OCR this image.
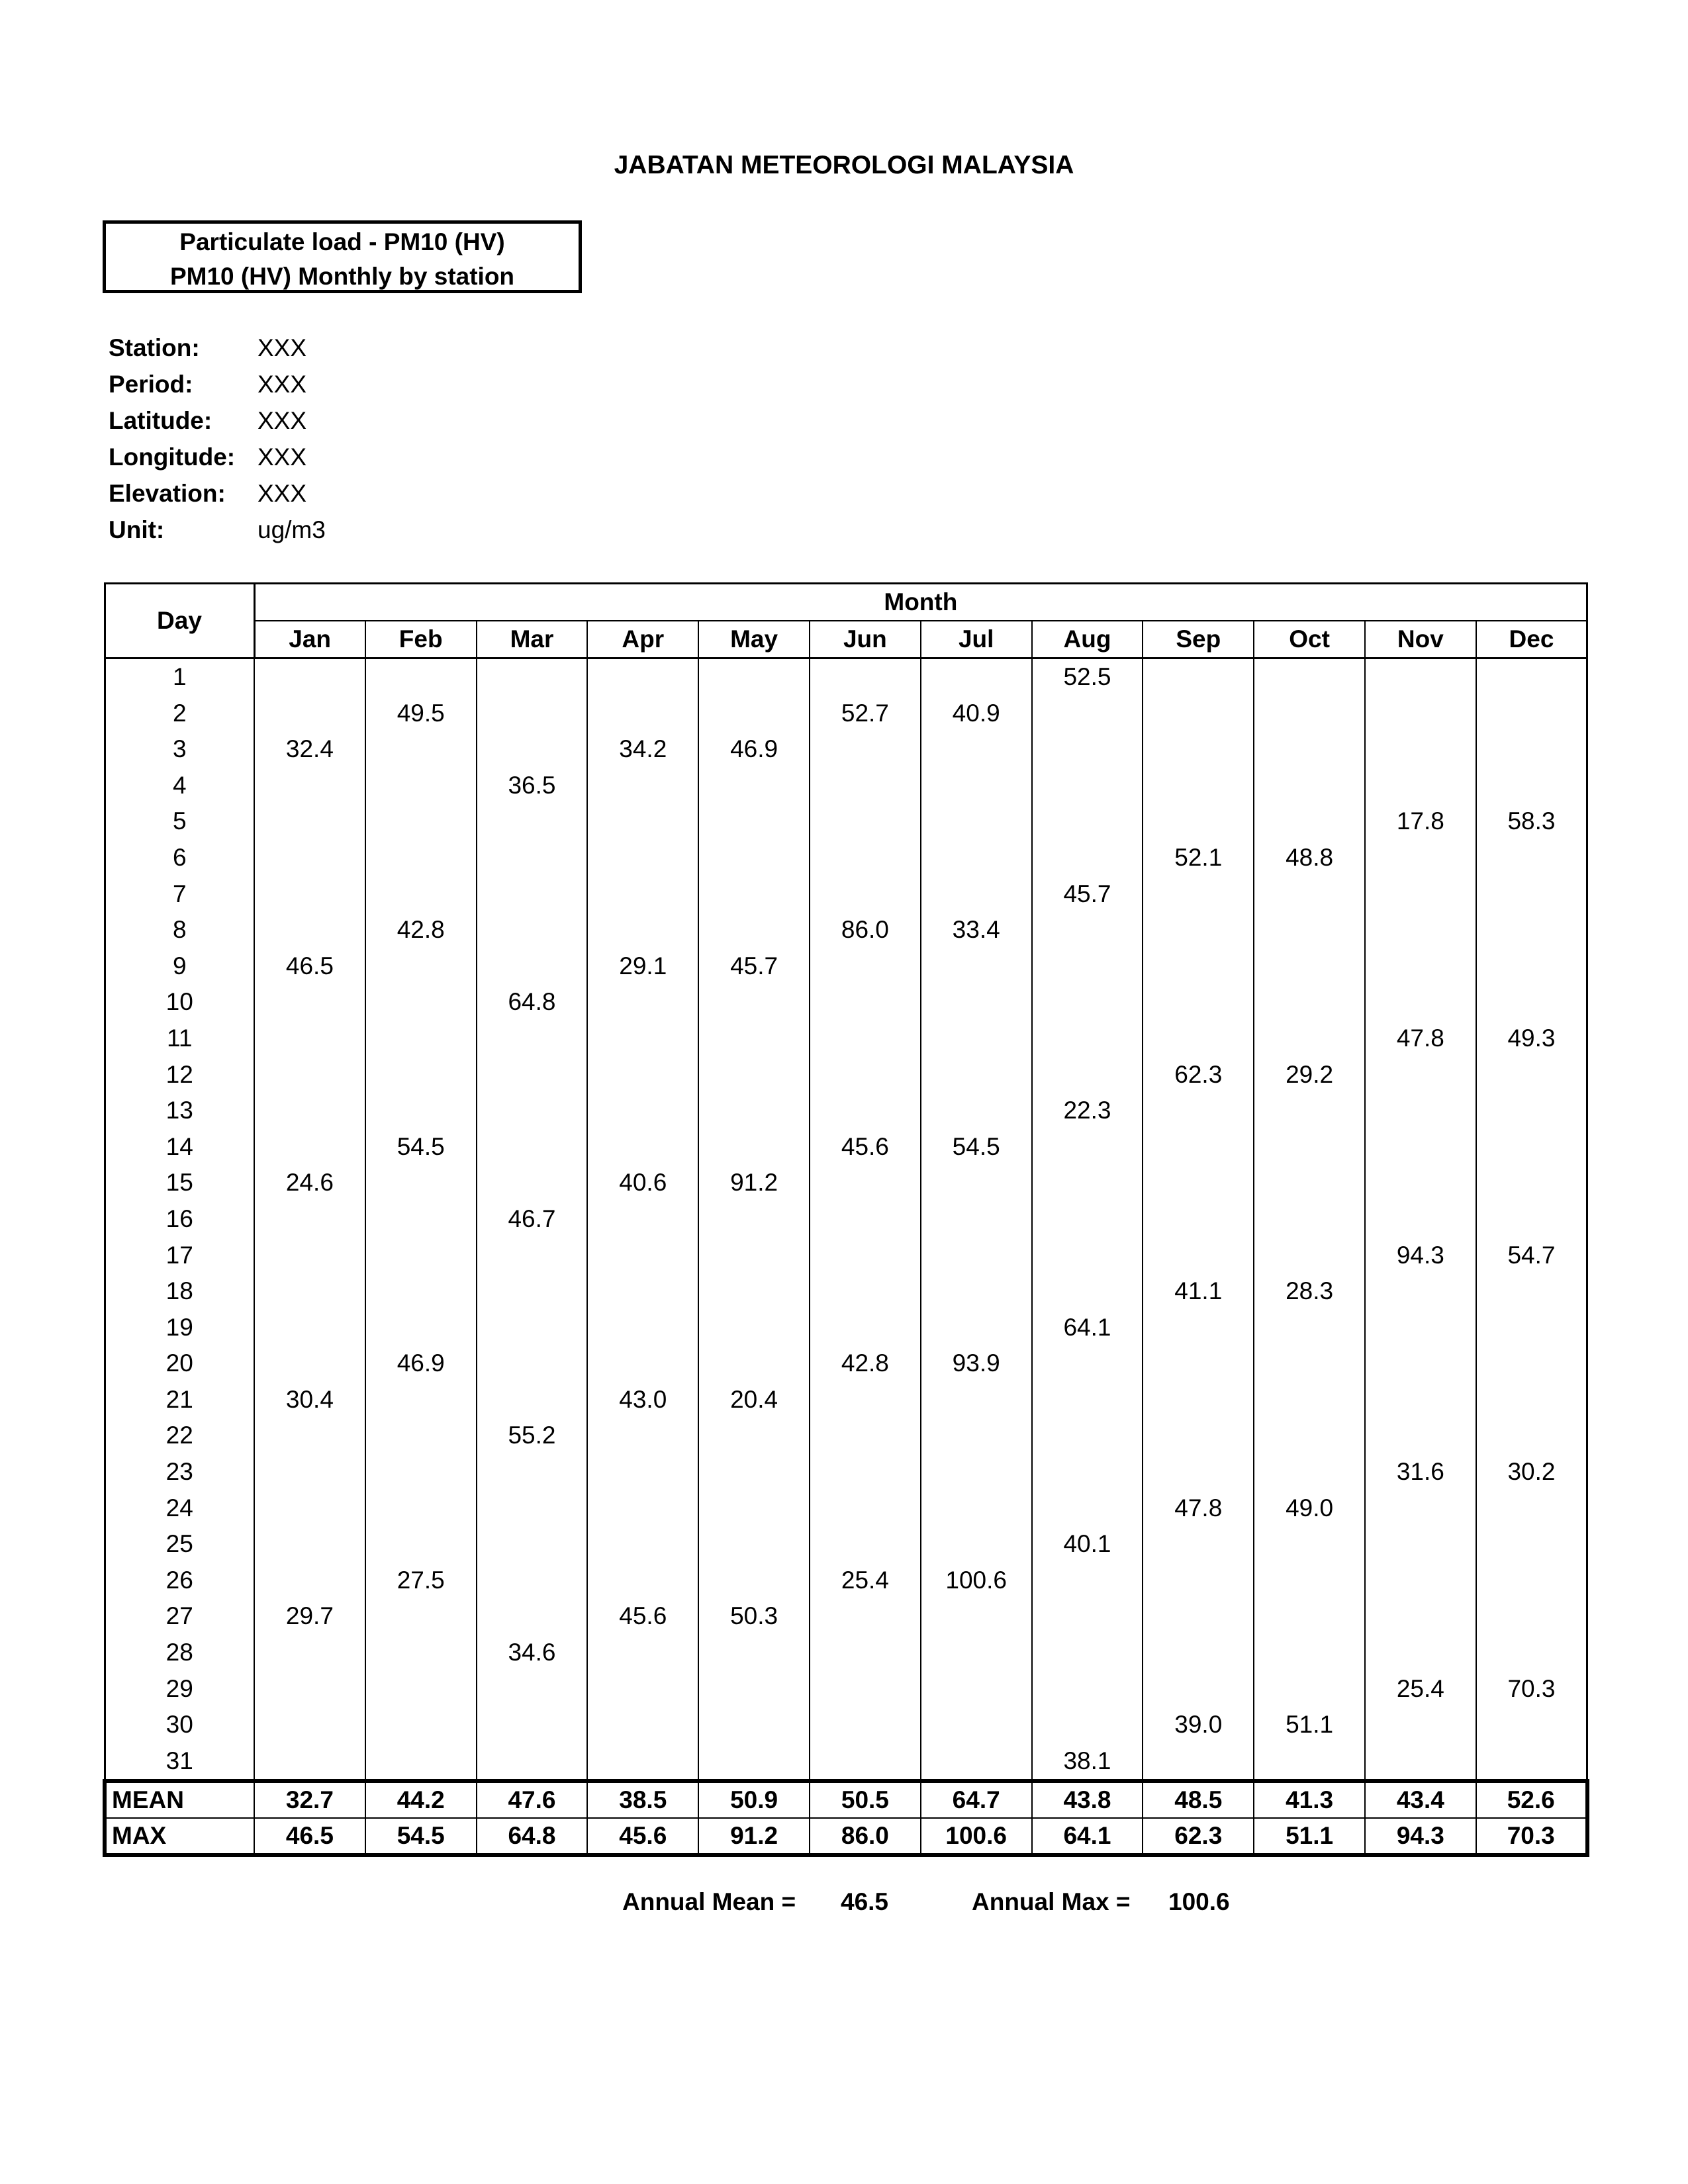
JABATAN METEOROLOGI MALAYSIA
Particulate load - PM10 (HV)
PM10 (HV) Monthly by station
Station: XXX
Period:	XXX
Latitude: XXX
Longitude: XXX
Elevation: XXX
Unit:	ug/m3
Day	Month											
	Jan	Feb	Mar	Apr	May	Jun	Jul	Aug	Sep	Oct	Nov	Dec
1								52.5				
2		49.5				52.7	40.9					
3	32.4			34.2	46.9							
4			36.5									
5											17.8	58.3
6									52.1	48.8		
7								45.7				
8		42.8				86.0	33.4					
9	46.5			29.1	45.7							
10			64.8									
11											47.8	49.3
12									62.3	29.2		
13								22.3				
14		54.5				45.6	54.5					
15	24.6			40.6	91.2							
16			46.7									
17											94.3	54.7
18									41.1	28.3		
19								64.1				
20		46.9				42.8	93.9					
21	30.4			43.0	20.4							
22			55.2									
23											31.6	30.2
24									47.8	49.0		
25								40.1				
26		27.5				25.4	100.6					
27	29.7			45.6	50.3							
28			34.6									
29											25.4	70.3
30									39.0	51.1		
31								38.1				
MEAN	32.7	44.2	47.6	38.5	50.9	50.5	64.7	43.8	48.5	41.3	43.4	52.6
MAX	46.5	54.5	64.8	45.6	91.2	86.0	100.6	64.1	62.3	51.1	94.3	70.3
Annual Mean = 46.5	Annual Max = 100.6
